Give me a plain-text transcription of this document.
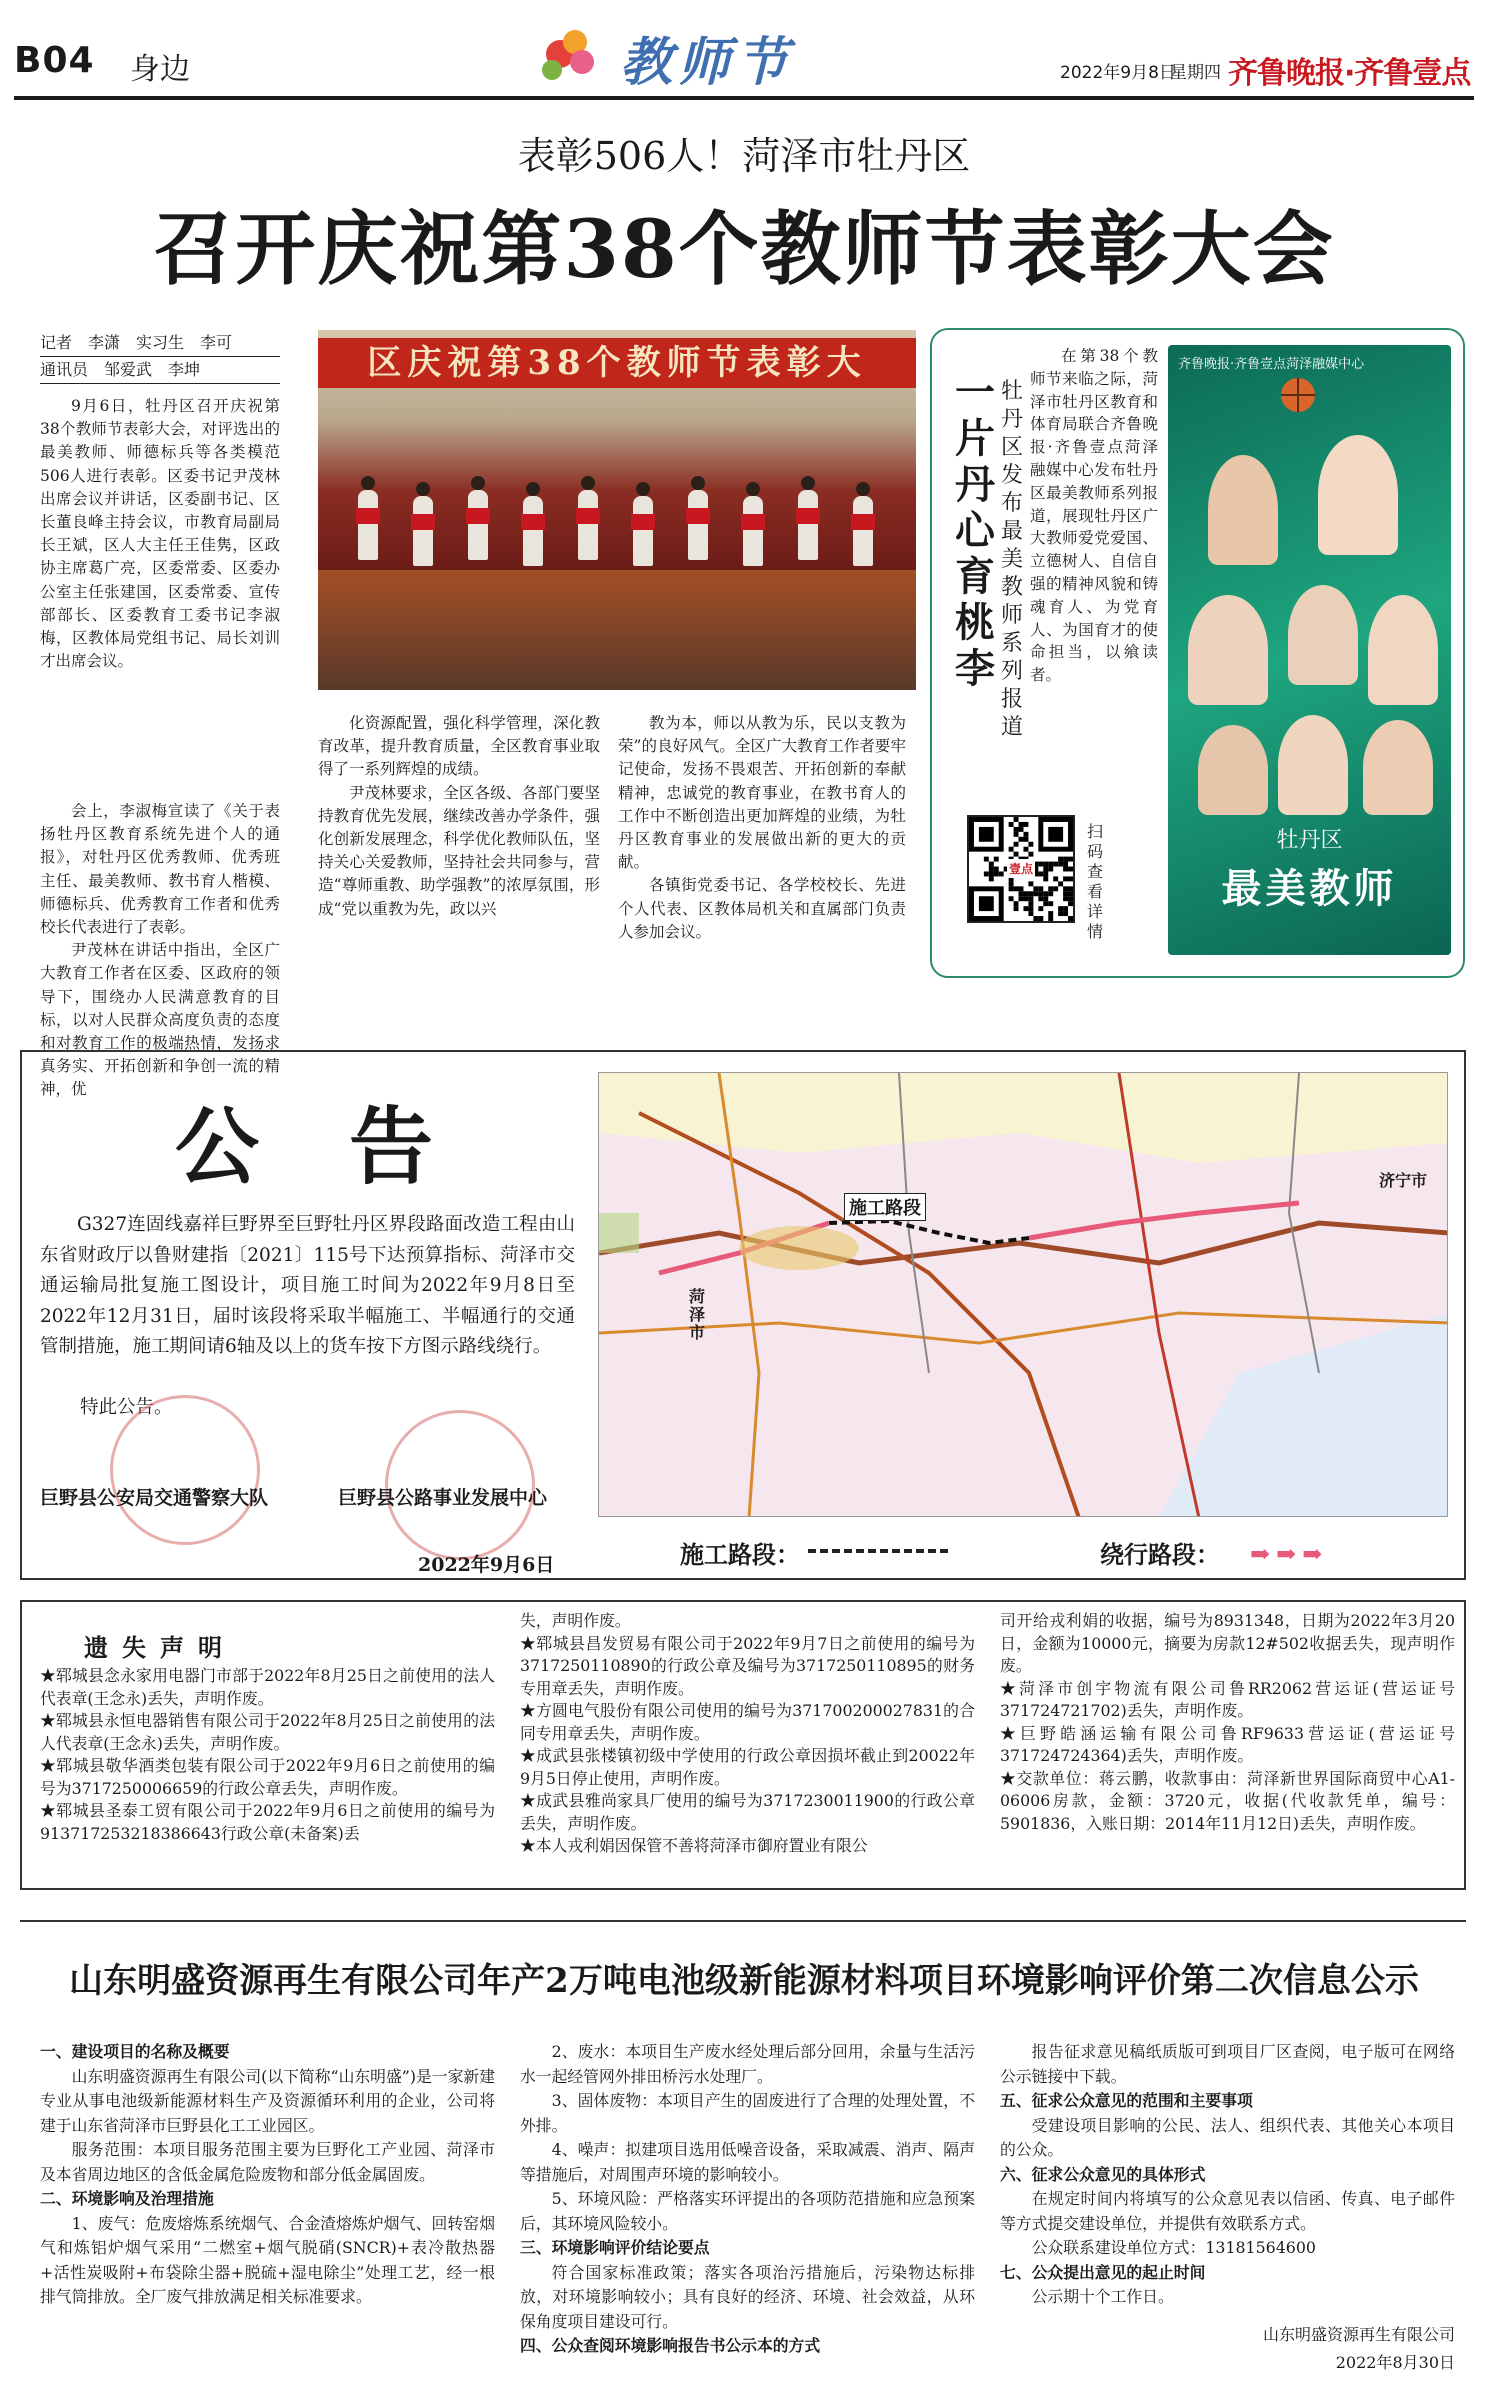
B04 身边	教师节	2022年9月8日
星期四 齐鲁晚报·齐鲁壹点
表彰506人！菏泽市牡丹区
召开庆祝第38个教师节表彰大会
记者　李潇　实习生　李可
通讯员　邹爱武　李坤	区庆祝第38个教师节表彰大

9月6日，牡丹区召开庆祝第38个教师节表彰大会，对评选出的最美教师、师德标兵等各类模范506人进行表彰。区委书记尹茂林出席会议并讲话，区委副书记、区长董良峰主持会议，市教育局副局长王斌，区人大主任王佳隽，区政协主席葛广亮，区委常委、区委办公室主任张建国，区委常委、宣传部部长、区委教育工委书记李淑梅，区教体局党组书记、局长刘训才出席会议。

会上，李淑梅宣读了《关于表扬牡丹区教育系统先进个人的通报》，对牡丹区优秀教师、优秀班主任、最美教师、教书育人楷模、师德标兵、优秀教育工作者和优秀校长代表进行了表彰。

尹茂林在讲话中指出，全区广大教育工作者在区委、区政府的领导下，围绕办人民满意教育的目标，以对人民群众高度负责的态度和对教育工作的极端热情，发扬求真务实、开拓创新和争创一流的精神，优

化资源配置，强化科学管理，深化教育改革，提升教育质量，全区教育事业取得了一系列辉煌的成绩。

尹茂林要求，全区各级、各部门要坚持教育优先发展，继续改善办学条件，强化创新发展理念，科学优化教师队伍，坚持关心关爱教师，坚持社会共同参与，营造“尊师重教、助学强教”的浓厚氛围，形成“党以重教为先，政以兴

教为本，师以从教为乐，民以支教为荣”的良好风气。全区广大教育工作者要牢记使命，发扬不畏艰苦、开拓创新的奉献精神，忠诚党的教育事业，在教书育人的工作中不断创造出更加辉煌的业绩，为牡丹区教育事业的发展做出新的更大的贡献。

各镇街党委书记、各学校校长、先进个人代表、区教体局机关和直属部门负责人参加会议。

一片丹心育桃李
牡丹区发布最美教师系列报道

在第38个教师节来临之际，菏泽市牡丹区教育和体育局联合齐鲁晚报·齐鲁壹点菏泽融媒中心发布牡丹区最美教师系列报道，展现牡丹区广大教师爱党爱国、立德树人、自信自强的精神风貌和铸魂育人、为党育人、为国育才的使命担当，以飨读者。

壹点
扫码查看详情
齐鲁晚报·齐鲁壹点菏泽融媒中心
牡丹区
最美教师
公告

G327连固线嘉祥巨野界至巨野牡丹区界段路面改造工程由山东省财政厅以鲁财建指〔2021〕115号下达预算指标、菏泽市交通运输局批复施工图设计，项目施工时间为2022年9月8日至2022年12月31日，届时该段将采取半幅施工、半幅通行的交通管制措施，施工期间请6轴及以上的货车按下方图示路线绕行。

特此公告。
巨野县公安局交通警察大队	巨野县公路事业发展中心
2022年9月6日
施工路段
济宁市
菏泽市
施工路段：	绕行路段： ➡➡➡
遗失声明

★郓城县念永家用电器门市部于2022年8月25日之前使用的法人代表章(王念永)丢失，声明作废。

★郓城县永恒电器销售有限公司于2022年8月25日之前使用的法人代表章(王念永)丢失，声明作废。

★郓城县敬华酒类包装有限公司于2022年9月6日之前使用的编号为3717250006659的行政公章丢失，声明作废。

★郓城县圣泰工贸有限公司于2022年9月6日之前使用的编号为913717253218386643行政公章(未备案)丢

失，声明作废。

★郓城县昌发贸易有限公司于2022年9月7日之前使用的编号为3717250110890的行政公章及编号为3717250110895的财务专用章丢失，声明作废。

★方圆电气股份有限公司使用的编号为3717002000278​31的合同专用章丢失，声明作废。

★成武县张楼镇初级中学使用的行政公章因损坏截止到20022年9月5日停止使用，声明作废。

★成武县雅尚家具厂使用的编号为3717230011900的行政公章丢失，声明作废。

★本人戎利娟因保管不善将菏泽市御府置业有限公

司开给戎利娟的收据，编号为8931348，日期为2022年3月20日，金额为10000元，摘要为房款12#502收据丢失，现声明作废。

★菏泽市创宇物流有限公司鲁RR2062营运证(营运证号371724721702)丢失，声明作废。

★巨野皓涵运输有限公司鲁RF9633营运证(营运证号371724724364)丢失，声明作废。

★交款单位：蒋云鹏，收款事由：菏泽新世界国际商贸中心A1-06006房款，金额：3720元，收据(代收款凭单，编号：5901836，入账日期：2014年11月12日)丢失，声明作废。

山东明盛资源再生有限公司年产2万吨电池级新能源材料项目环境影响评价第二次信息公示

一、建设项目的名称及概要

山东明盛资源再生有限公司(以下简称“山东明盛”)是一家新建专业从事电池级新能源材料生产及资源循环利用的企业，公司将建于山东省菏泽市巨野县化工工业园区。

服务范围：本项目服务范围主要为巨野化工产业园、菏泽市及本省周边地区的含低金属危险废物和部分低金属固废。

二、环境影响及治理措施

1、废气：危废熔炼系统烟气、合金渣熔炼炉烟气、回转窑烟气和炼铝炉烟气采用“二燃室+烟气脱硝(SNCR)+表冷散热器+活性炭吸附+布袋除尘器+脱硫+湿电除尘”处理工艺，经一根排气筒排放。全厂废气排放满足相关标准要求。

2、废水：本项目生产废水经处理后部分回用，余量与生活污水一起经管网外排田桥污水处理厂。

3、固体废物：本项目产生的固废进行了合理的处理处置，不外排。

4、噪声：拟建项目选用低噪音设备，采取减震、消声、隔声等措施后，对周围声环境的影响较小。

5、环境风险：严格落实环评提出的各项防范措施和应急预案后，其环境风险较小。

三、环境影响评价结论要点

符合国家标准政策；落实各项治污措施后，污染物达标排放，对环境影响较小；具有良好的经济、环境、社会效益，从环保角度项目建设可行。

四、公众查阅环境影响报告书公示本的方式

报告征求意见稿纸质版可到项目厂区查阅，电子版可在网络公示链接中下载。

五、征求公众意见的范围和主要事项

受建设项目影响的公民、法人、组织代表、其他关心本项目的公众。

六、征求公众意见的具体形式

在规定时间内将填写的公众意见表以信函、传真、电子邮件等方式提交建设单位，并提供有效联系方式。

公众联系建设单位方式：13181564600

七、公众提出意见的起止时间

公示期十个工作日。

山东明盛资源再生有限公司
2022年8月30日
